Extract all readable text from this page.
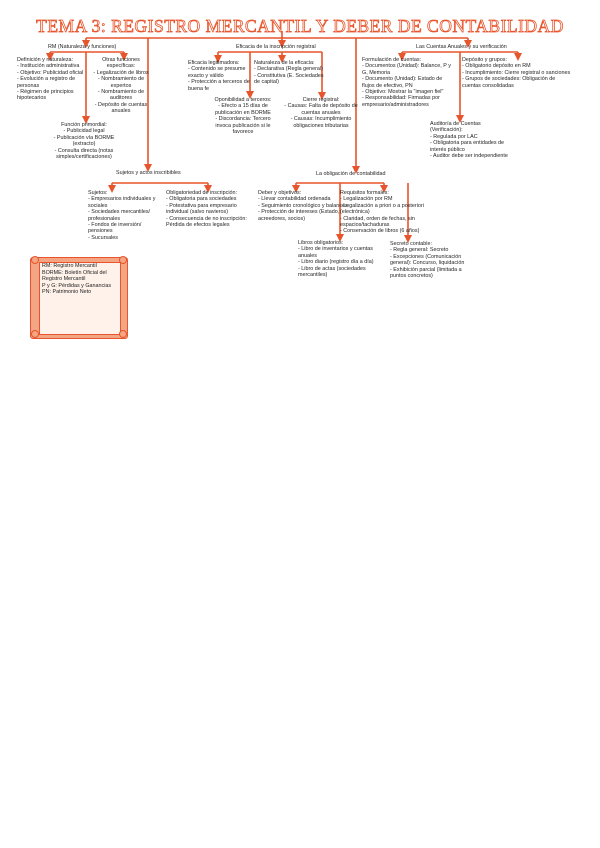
TEMA 3: REGISTRO MERCANTIL Y DEBER DE CONTABILIDAD
RM (Naturaleza y funciones)	Eficacia de la inscripción registral	Las Cuentas Anuales y su verificación
Definición y naturaleza:
- Institución administrativa
- Objetivo: Publicidad oficial
- Evolución a registro de personas
- Régimen de principios hipotecarios
Otras funciones específicas:
- Legalización de libros
- Nombramiento de expertos
- Nombramiento de auditores
- Depósito de cuentas anuales
Función primordial:
- Publicidad legal
- Publicación vía BORME (extracto)
- Consulta directa (notas simples/certificaciones)
Eficacia legitimadora:
- Contenido se presume exacto y válido
- Protección a terceros de buena fe
Naturaleza de la eficacia:
- Declarativa (Regla general)
- Constitutiva (E. Sociedades de capital)
Oponibilidad a terceros:
- Efecto a 15 días de publicación en BORME
- Discordancia: Tercero invoca publicación si le favorece
Cierre registral:
- Causas: Falta de depósito de cuentas anuales
- Causas: Incumplimiento obligaciones tributarias
Formulación de cuentas:
- Documentos (Unidad): Balance, P y G, Memoria
- Documento (Unidad): Estado de flujos de efectivo, PN
- Objetivo: Mostrar la "imagen fiel"
- Responsabilidad: Firmadas por empresario/administradores
Depósito y grupos:
- Obligatorio depósito en RM
- Incumplimiento: Cierre registral o sanciones
- Grupos de sociedades: Obligación de cuentas consolidadas
Auditoría de Cuentas (Verificación):
- Regulada por LAC
- Obligatoria para entidades de interés público
- Auditor debe ser independiente
Sujetos y actos inscribibles	La obligación de contabilidad
Sujetos:
- Empresarios individuales y sociales
- Sociedades mercantiles/ profesionales
- Fondos de inversión/ pensiones
- Sucursales
Obligatoriedad de inscripción:
- Obligatoria para sociedades
- Potestativa para empresario individual (salvo navieros)
- Consecuencia de no inscripción: Pérdida de efectos legales
Deber y objetivos:
- Llevar contabilidad ordenada
- Seguimiento cronológico y balances
- Protección de intereses (Estado, acreedores, socios)
Requisitos formales:
- Legalización por RM
- Legalización a priori o a posteriori (electrónica)
- Claridad, orden de fechas, sin espacios/tachaduras
- Conservación de libros (6 años)
Libros obligatorios:
- Libro de inventarios y cuentas anuales
- Libro diario (registro día a día)
- Libro de actas (sociedades mercantiles)
Secreto contable:
- Regla general: Secreto
- Excepciones (Comunicación general): Concurso, liquidación
- Exhibición parcial (limitada a puntos concretos)
RM: Registro Mercantil
BORME: Boletín Oficial del Registro Mercantil
P y G: Pérdidas y Ganancias
PN: Patrimonio Neto
